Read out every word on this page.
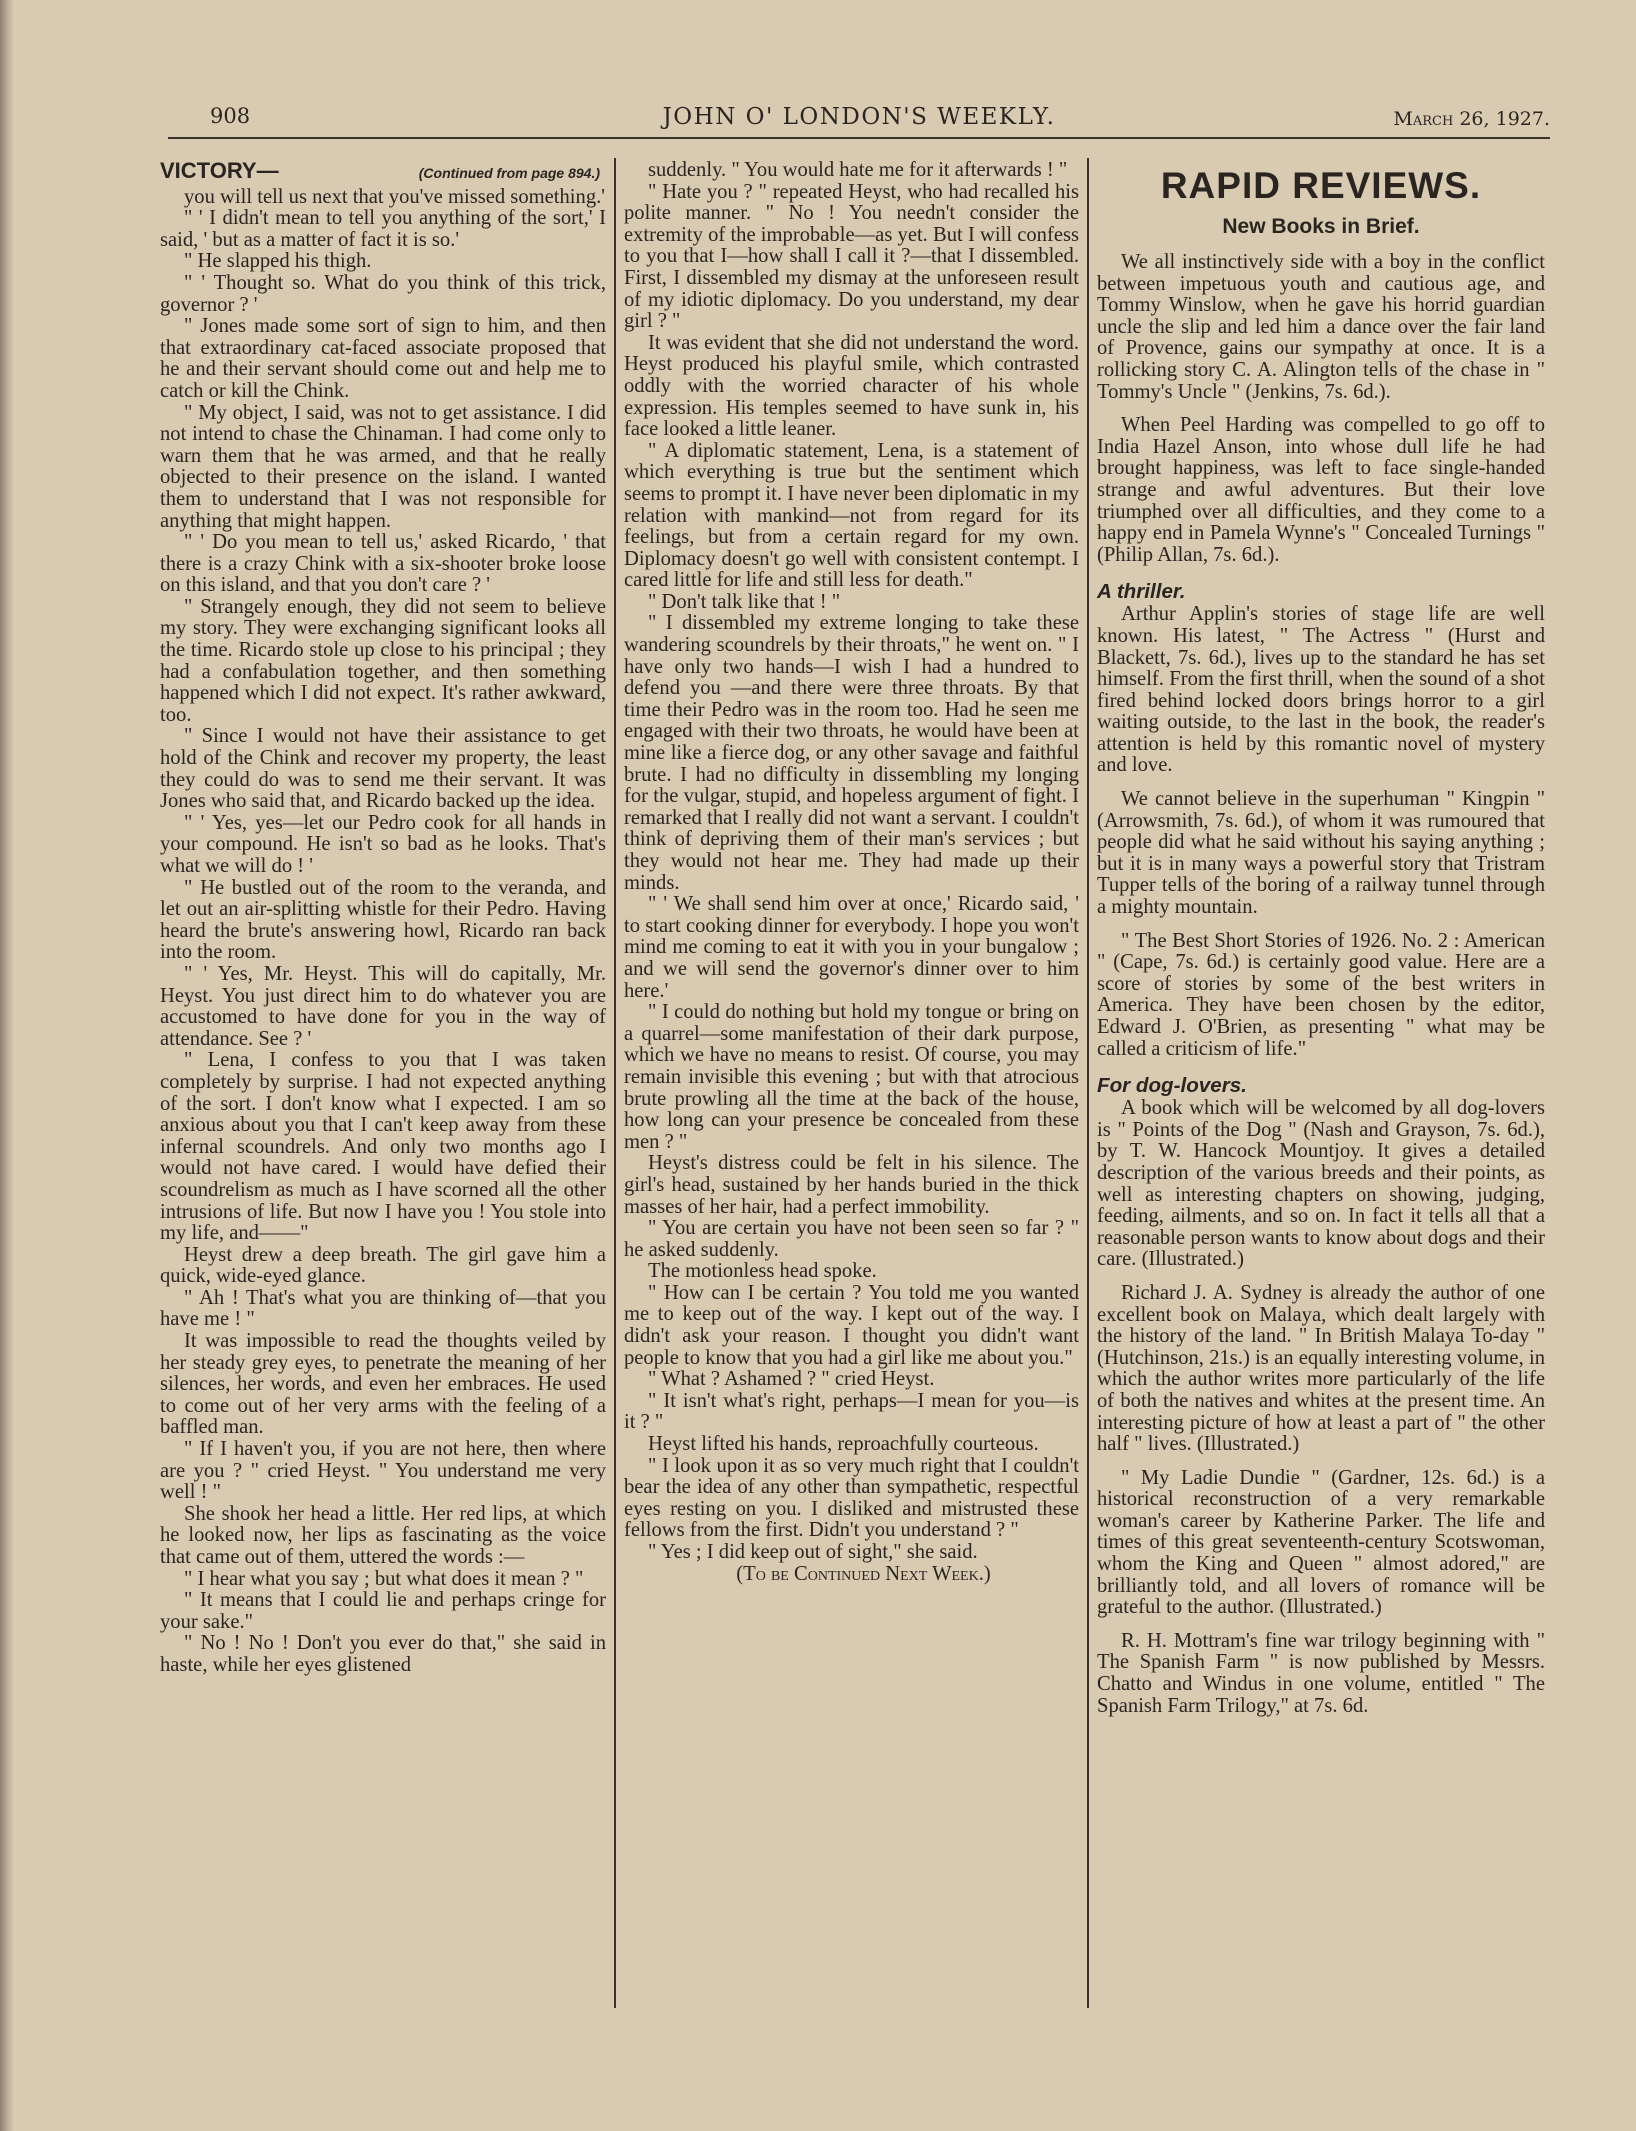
908	JOHN O' LONDON'S WEEKLY.	March 26, 1927.
VICTORY—	(Continued from page 894.)

you will tell us next that you've missed something.'

" ' I didn't mean to tell you anything of the sort,' I said, ' but as a matter of fact it is so.'

" He slapped his thigh.

" ' Thought so. What do you think of this trick, governor ? '

" Jones made some sort of sign to him, and then that extraordinary cat-faced associate proposed that he and their servant should come out and help me to catch or kill the Chink.

" My object, I said, was not to get assistance. I did not intend to chase the Chinaman. I had come only to warn them that he was armed, and that he really objected to their presence on the island. I wanted them to understand that I was not responsible for anything that might happen.

" ' Do you mean to tell us,' asked Ricardo, ' that there is a crazy Chink with a six-shooter broke loose on this island, and that you don't care ? '

" Strangely enough, they did not seem to believe my story. They were exchanging significant looks all the time. Ricardo stole up close to his principal ; they had a confabulation together, and then something happened which I did not expect. It's rather awkward, too.

" Since I would not have their assistance to get hold of the Chink and recover my property, the least they could do was to send me their servant. It was Jones who said that, and Ricardo backed up the idea.

" ' Yes, yes—let our Pedro cook for all hands in your compound. He isn't so bad as he looks. That's what we will do ! '

" He bustled out of the room to the veranda, and let out an air-splitting whistle for their Pedro. Having heard the brute's answering howl, Ricardo ran back into the room.

" ' Yes, Mr. Heyst. This will do capitally, Mr. Heyst. You just direct him to do whatever you are accustomed to have done for you in the way of attendance. See ? '

" Lena, I confess to you that I was taken completely by surprise. I had not expected anything of the sort. I don't know what I expected. I am so anxious about you that I can't keep away from these infernal scoundrels. And only two months ago I would not have cared. I would have defied their scoundrelism as much as I have scorned all the other intrusions of life. But now I have you ! You stole into my life, and——"

Heyst drew a deep breath. The girl gave him a quick, wide-eyed glance.

" Ah ! That's what you are thinking of—that you have me ! "

It was impossible to read the thoughts veiled by her steady grey eyes, to penetrate the meaning of her silences, her words, and even her embraces. He used to come out of her very arms with the feeling of a baffled man.

" If I haven't you, if you are not here, then where are you ? " cried Heyst. " You understand me very well ! "

She shook her head a little. Her red lips, at which he looked now, her lips as fascinating as the voice that came out of them, uttered the words :—

" I hear what you say ; but what does it mean ? "

" It means that I could lie and perhaps cringe for your sake."

" No ! No ! Don't you ever do that," she said in haste, while her eyes glistened

suddenly. " You would hate me for it afterwards ! "

" Hate you ? " repeated Heyst, who had recalled his polite manner. " No ! You needn't consider the extremity of the improbable—as yet. But I will confess to you that I—how shall I call it ?—that I dissembled. First, I dissembled my dismay at the unforeseen result of my idiotic diplomacy. Do you understand, my dear girl ? "

It was evident that she did not understand the word. Heyst produced his playful smile, which contrasted oddly with the worried character of his whole expression. His temples seemed to have sunk in, his face looked a little leaner.

" A diplomatic statement, Lena, is a statement of which everything is true but the sentiment which seems to prompt it. I have never been diplomatic in my relation with mankind—not from regard for its feelings, but from a certain regard for my own. Diplomacy doesn't go well with consistent contempt. I cared little for life and still less for death."

" Don't talk like that ! "

" I dissembled my extreme longing to take these wandering scoundrels by their throats," he went on. " I have only two hands—I wish I had a hundred to defend you —and there were three throats. By that time their Pedro was in the room too. Had he seen me engaged with their two throats, he would have been at mine like a fierce dog, or any other savage and faithful brute. I had no difficulty in dissembling my longing for the vulgar, stupid, and hopeless argument of fight. I remarked that I really did not want a servant. I couldn't think of depriving them of their man's services ; but they would not hear me. They had made up their minds.

" ' We shall send him over at once,' Ricardo said, ' to start cooking dinner for everybody. I hope you won't mind me coming to eat it with you in your bungalow ; and we will send the governor's dinner over to him here.'

" I could do nothing but hold my tongue or bring on a quarrel—some manifestation of their dark purpose, which we have no means to resist. Of course, you may remain invisible this evening ; but with that atrocious brute prowling all the time at the back of the house, how long can your presence be concealed from these men ? "

Heyst's distress could be felt in his silence. The girl's head, sustained by her hands buried in the thick masses of her hair, had a perfect immobility.

" You are certain you have not been seen so far ? " he asked suddenly.

The motionless head spoke.

" How can I be certain ? You told me you wanted me to keep out of the way. I kept out of the way. I didn't ask your reason. I thought you didn't want people to know that you had a girl like me about you."

" What ? Ashamed ? " cried Heyst.

" It isn't what's right, perhaps—I mean for you—is it ? "

Heyst lifted his hands, reproachfully courteous.

" I look upon it as so very much right that I couldn't bear the idea of any other than sympathetic, respectful eyes resting on you. I disliked and mistrusted these fellows from the first. Didn't you understand ? "

" Yes ; I did keep out of sight," she said.

(To be Continued Next Week.)

RAPID REVIEWS.
New Books in Brief.

We all instinctively side with a boy in the conflict between impetuous youth and cautious age, and Tommy Winslow, when he gave his horrid guardian uncle the slip and led him a dance over the fair land of Provence, gains our sympathy at once. It is a rollicking story C. A. Alington tells of the chase in " Tommy's Uncle " (Jenkins, 7s. 6d.).

When Peel Harding was compelled to go off to India Hazel Anson, into whose dull life he had brought happiness, was left to face single-handed strange and awful adventures. But their love triumphed over all difficulties, and they come to a happy end in Pamela Wynne's " Concealed Turnings " (Philip Allan, 7s. 6d.).

A thriller.

Arthur Applin's stories of stage life are well known. His latest, " The Actress " (Hurst and Blackett, 7s. 6d.), lives up to the standard he has set himself. From the first thrill, when the sound of a shot fired behind locked doors brings horror to a girl waiting outside, to the last in the book, the reader's attention is held by this romantic novel of mystery and love.

We cannot believe in the superhuman " Kingpin " (Arrowsmith, 7s. 6d.), of whom it was rumoured that people did what he said without his saying anything ; but it is in many ways a powerful story that Tristram Tupper tells of the boring of a railway tunnel through a mighty mountain.

" The Best Short Stories of 1926. No. 2 : American " (Cape, 7s. 6d.) is certainly good value. Here are a score of stories by some of the best writers in America. They have been chosen by the editor, Edward J. O'Brien, as presenting " what may be called a criticism of life."

For dog-lovers.

A book which will be welcomed by all dog-lovers is " Points of the Dog " (Nash and Grayson, 7s. 6d.), by T. W. Hancock Mountjoy. It gives a detailed description of the various breeds and their points, as well as interesting chapters on showing, judging, feeding, ailments, and so on. In fact it tells all that a reasonable person wants to know about dogs and their care. (Illustrated.)

Richard J. A. Sydney is already the author of one excellent book on Malaya, which dealt largely with the history of the land. " In British Malaya To-day " (Hutchinson, 21s.) is an equally interesting volume, in which the author writes more particularly of the life of both the natives and whites at the present time. An interesting picture of how at least a part of " the other half " lives. (Illustrated.)

" My Ladie Dundie " (Gardner, 12s. 6d.) is a historical reconstruction of a very remarkable woman's career by Katherine Parker. The life and times of this great seventeenth-century Scotswoman, whom the King and Queen " almost adored," are brilliantly told, and all lovers of romance will be grateful to the author. (Illustrated.)

R. H. Mottram's fine war trilogy beginning with " The Spanish Farm " is now published by Messrs. Chatto and Windus in one volume, entitled " The Spanish Farm Trilogy," at 7s. 6d.
